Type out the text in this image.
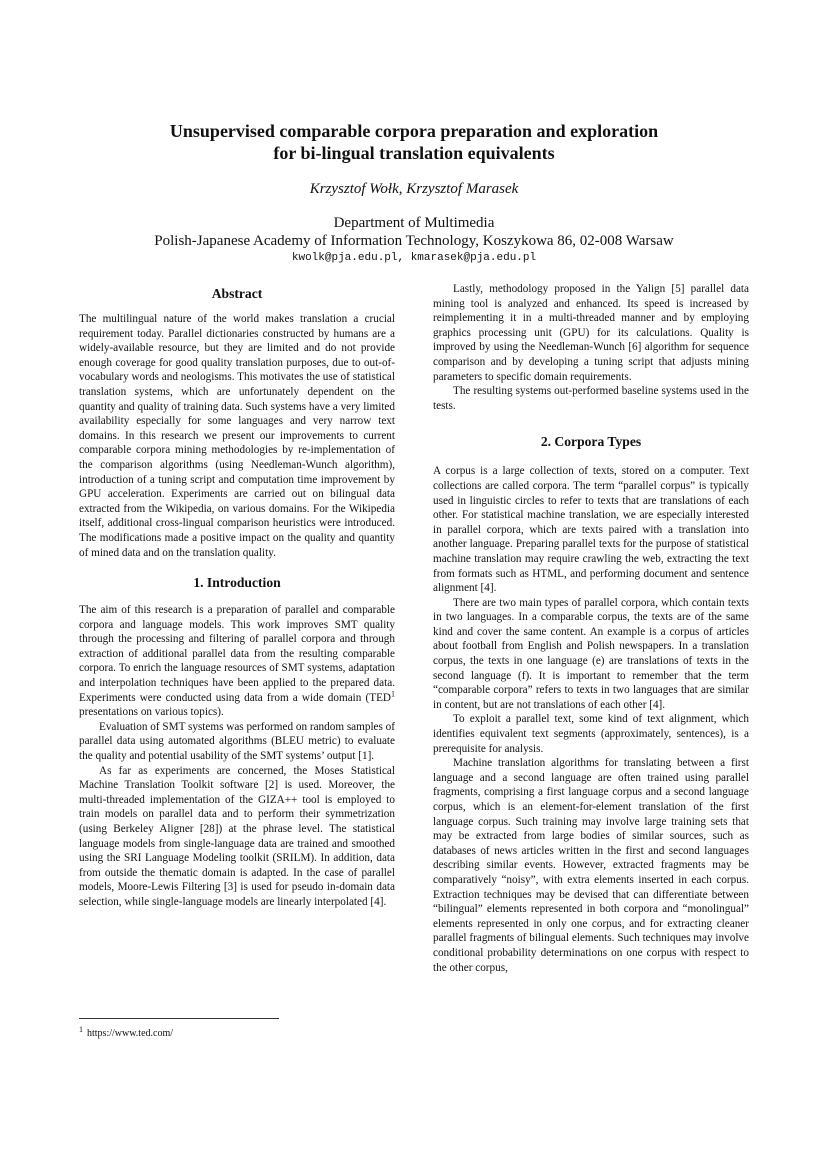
Unsupervised comparable corpora preparation and exploration
for bi-lingual translation equivalents
Krzysztof Wołk, Krzysztof Marasek
Department of Multimedia
Polish-Japanese Academy of Information Technology, Koszykowa 86, 02-008 Warsaw
kwolk@pja.edu.pl, kmarasek@pja.edu.pl
Abstract

The multilingual nature of the world makes translation a crucial requirement today. Parallel dictionaries constructed by humans are a widely-available resource, but they are limited and do not provide enough coverage for good quality translation purposes, due to out-of-vocabulary words and neologisms. This motivates the use of statistical translation systems, which are unfortunately dependent on the quantity and quality of training data. Such systems have a very limited availability especially for some languages and very narrow text domains. In this research we present our improvements to current comparable corpora mining methodologies by re-implementation of the comparison algorithms (using Needleman-Wunch algorithm), introduction of a tuning script and computation time improvement by GPU acceleration. Experiments are carried out on bilingual data extracted from the Wikipedia, on various domains. For the Wikipedia itself, additional cross-lingual comparison heuristics were introduced. The modifications made a positive impact on the quality and quantity of mined data and on the translation quality.

1. Introduction

The aim of this research is a preparation of parallel and comparable corpora and language models. This work improves SMT quality through the processing and filtering of parallel corpora and through extraction of additional parallel data from the resulting comparable corpora. To enrich the language resources of SMT systems, adaptation and interpolation techniques have been applied to the prepared data. Experiments were conducted using data from a wide domain (TED$^1$ presentations on various topics).

Evaluation of SMT systems was performed on random samples of parallel data using automated algorithms (BLEU metric) to evaluate the quality and potential usability of the SMT systems’ output [1].

As far as experiments are concerned, the Moses Statistical Machine Translation Toolkit software [2] is used. Moreover, the multi-threaded implementation of the GIZA++ tool is employed to train models on parallel data and to perform their symmetrization (using Berkeley Aligner [28]) at the phrase level. The statistical language models from single-language data are trained and smoothed using the SRI Language Modeling toolkit (SRILM). In addition, data from outside the thematic domain is adapted. In the case of parallel models, Moore-Lewis Filtering [3] is used for pseudo in-domain data selection, while single-language models are linearly interpolated [4].

Lastly, methodology proposed in the Yalign [5] parallel data mining tool is analyzed and enhanced. Its speed is increased by reimplementing it in a multi-threaded manner and by employing graphics processing unit (GPU) for its calculations. Quality is improved by using the Needleman-Wunch [6] algorithm for sequence comparison and by developing a tuning script that adjusts mining parameters to specific domain requirements.

The resulting systems out-performed baseline systems used in the tests.

2. Corpora Types

A corpus is a large collection of texts, stored on a computer. Text collections are called corpora. The term “parallel corpus” is typically used in linguistic circles to refer to texts that are translations of each other. For statistical machine translation, we are especially interested in parallel corpora, which are texts paired with a translation into another language. Preparing parallel texts for the purpose of statistical machine translation may require crawling the web, extracting the text from formats such as HTML, and performing document and sentence alignment [4].

There are two main types of parallel corpora, which contain texts in two languages. In a comparable corpus, the texts are of the same kind and cover the same content. An example is a corpus of articles about football from English and Polish newspapers. In a translation corpus, the texts in one language (e) are translations of texts in the second language (f). It is important to remember that the term “comparable corpora” refers to texts in two languages that are similar in content, but are not translations of each other [4].

To exploit a parallel text, some kind of text alignment, which identifies equivalent text segments (approximately, sentences), is a prerequisite for analysis.

Machine translation algorithms for translating between a first language and a second language are often trained using parallel fragments, comprising a first language corpus and a second language corpus, which is an element-for-element translation of the first language corpus. Such training may involve large training sets that may be extracted from large bodies of similar sources, such as databases of news articles written in the first and second languages describing similar events. However, extracted fragments may be comparatively “noisy”, with extra elements inserted in each corpus. Extraction techniques may be devised that can differentiate between “bilingual” elements represented in both corpora and “monolingual” elements represented in only one corpus, and for extracting cleaner parallel fragments of bilingual elements. Such techniques may involve conditional probability determinations on one corpus with respect to the other corpus,

$^1$ https://www.ted.com/
